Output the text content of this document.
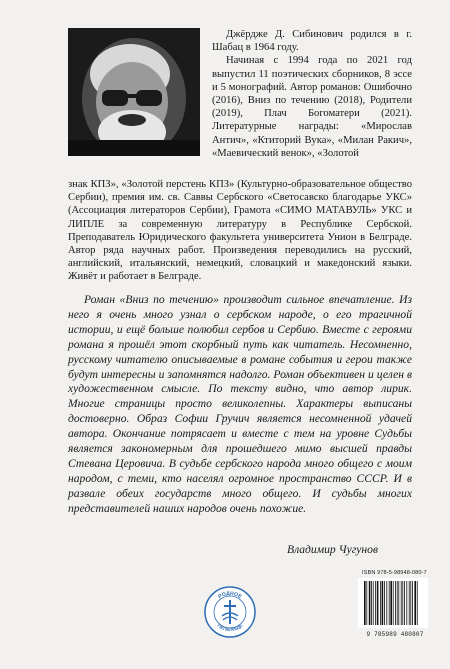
Джёрдже Д. Сибинович родился в г. Шабац в 1964 году.

Начиная с 1994 года по 2021 год выпустил 11 поэтических сборников, 8 эссе и 5 монографий. Автор романов: Ошибочно (2016), Вниз по течению (2018), Родители (2019), Плач Богоматери (2021). Литературные награды: «Мирослав Антич», «Ктиторий Вука», «Милан Ракич», «Маевический венок», «Золотой

знак КПЗ», «Золотой перстень КПЗ» (Культурно-образовательное общество Сербии), премия им. св. Саввы Сербского «Светосавско благодарье УКС» (Ассоциация литераторов Сербии), Грамота «СИМО МАТАВУЛЬ» УКС и ЛИПЛЕ за современную литературу в Республике Сербской. Преподаватель Юридического факультета университета Унион в Белграде. Автор ряда научных работ. Произведения переводились на русский, английский, итальянский, немецкий, словацкий и македонский языки. Живёт и работает в Белграде.

Роман «Вниз по течению» производит сильное впечатление. Из него я очень много узнал о сербском народе, о его трагичной истории, и ещё больше полюбил сербов и Сербию. Вместе с героями романа я прошёл этот скорбный путь как читатель. Несомненно, русскому читателю описываемые в романе события и герои также будут интересны и запомнятся надолго. Роман объективен и целен в художественном смысле. По тексту видно, что автор лирик. Многие страницы просто великолепны. Характеры выписаны достоверно. Образ Софии Гручич является несомненной удачей автора. Окончание потрясает и вместе с тем на уровне Судьбы является закономерным для прошедшего мимо высшей правды Стевана Церовича. В судьбе сербского народа много общего с моим народом, с теми, кто населял огромное пространство СССР. И в развале обеих государств много общего. И судьбы многих представителей наших народов очень похожие.

Владимир Чугунов
РОДНОЕ
ПЕПЕЛИЩЕ
ISBN 978-5-98948-080-7
9 785989 480807
